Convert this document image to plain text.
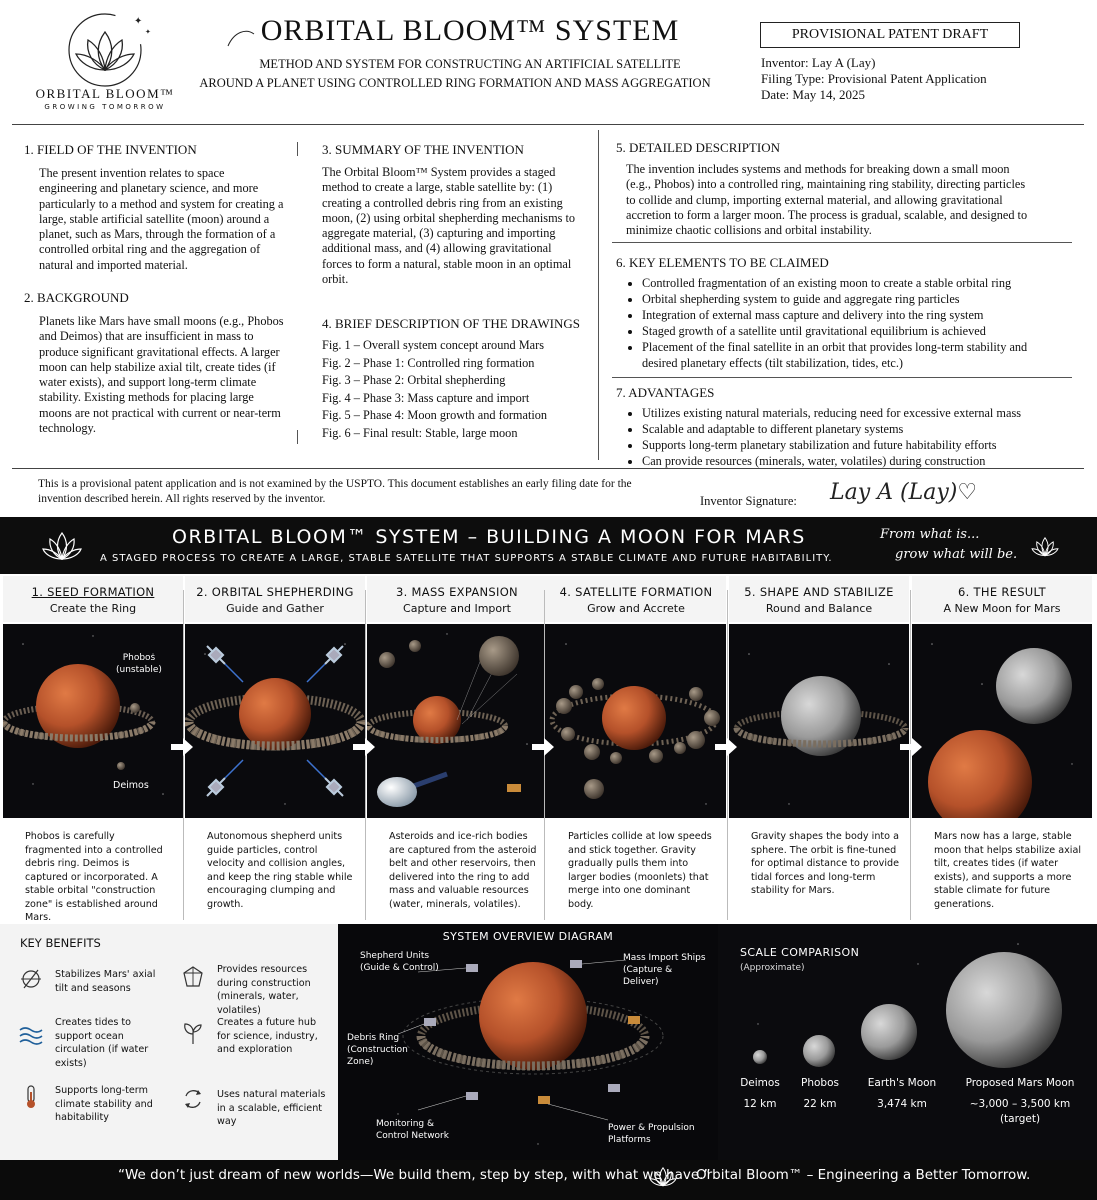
✦
✦
ORBITAL BLOOM™
GROWING TOMORROW
ORBITAL BLOOM™ SYSTEM
METHOD AND SYSTEM FOR CONSTRUCTING AN ARTIFICIAL SATELLITE
AROUND A PLANET USING CONTROLLED RING FORMATION AND MASS AGGREGATION
PROVISIONAL PATENT DRAFT
Inventor: Lay A (Lay)
Filing Type: Provisional Patent Application
Date: May 14, 2025
1. FIELD OF THE INVENTION
The present invention relates to space engineering and planetary science, and more particularly to a method and system for creating a large, stable artificial satellite (moon) around a planet, such as Mars, through the formation of a controlled orbital ring and the aggregation of natural and imported material.
2. BACKGROUND
Planets like Mars have small moons (e.g., Phobos and Deimos) that are insufficient in mass to produce significant gravitational effects. A larger moon can help stabilize axial tilt, create tides (if water exists), and support long-term climate stability. Existing methods for placing large moons are not practical with current or near-term technology.
3. SUMMARY OF THE INVENTION
The Orbital Bloom™ System provides a staged method to create a large, stable satellite by: (1) creating a controlled debris ring from an existing moon, (2) using orbital shepherding mechanisms to aggregate material, (3) capturing and importing additional mass, and (4) allowing gravitational forces to form a natural, stable moon in an optimal orbit.
4. BRIEF DESCRIPTION OF THE DRAWINGS
Fig. 1 – Overall system concept around Mars
Fig. 2 – Phase 1: Controlled ring formation
Fig. 3 – Phase 2: Orbital shepherding
Fig. 4 – Phase 3: Mass capture and import
Fig. 5 – Phase 4: Moon growth and formation
Fig. 6 – Final result: Stable, large moon
5. DETAILED DESCRIPTION
The invention includes systems and methods for breaking down a small moon (e.g., Phobos) into a controlled ring, maintaining ring stability, directing particles to collide and clump, importing external material, and allowing gravitational accretion to form a larger moon. The process is gradual, scalable, and designed to minimize chaotic collisions and orbital instability.
6. KEY ELEMENTS TO BE CLAIMED
• Controlled fragmentation of an existing moon to create a stable orbital ring
• Orbital shepherding system to guide and aggregate ring particles
• Integration of external mass capture and delivery into the ring system
• Staged growth of a satellite until gravitational equilibrium is achieved
• Placement of the final satellite in an orbit that provides long-term stability and desired planetary effects (tilt stabilization, tides, etc.)
7. ADVANTAGES
• Utilizes existing natural materials, reducing need for excessive external mass
• Scalable and adaptable to different planetary systems
• Supports long-term planetary stabilization and future habitability efforts
• Can provide resources (minerals, water, volatiles) during construction
This is a provisional patent application and is not examined by the USPTO. This document establishes an early filing date for the invention described herein. All rights reserved by the inventor.	Inventor Signature: Lay A (Lay)♡
ORBITAL BLOOM™ SYSTEM – BUILDING A MOON FOR MARS
A STAGED PROCESS TO CREATE A LARGE, STABLE SATELLITE THAT SUPPORTS A STABLE CLIMATE AND FUTURE HABITABILITY.
From what is...
grow what will be.
1. SEED FORMATION
Create the Ring
Phobos
(unstable)
Deimos
Phobos is carefully fragmented into a controlled debris ring. Deimos is captured or incorporated. A stable orbital "construction zone" is established around Mars.
2. ORBITAL SHEPHERDING
Guide and Gather
Autonomous shepherd units guide particles, control velocity and collision angles, and keep the ring stable while encouraging clumping and growth.
3. MASS EXPANSION
Capture and Import
Asteroids and ice-rich bodies are captured from the asteroid belt and other reservoirs, then delivered into the ring to add mass and valuable resources (water, minerals, volatiles).
4. SATELLITE FORMATION
Grow and Accrete
Particles collide at low speeds and stick together. Gravity gradually pulls them into larger bodies (moonlets) that merge into one dominant body.
5. SHAPE AND STABILIZE
Round and Balance
Gravity shapes the body into a sphere. The orbit is fine-tuned for optimal distance to provide tidal forces and long-term stability for Mars.
6. THE RESULT
A New Moon for Mars
Mars now has a large, stable moon that helps stabilize axial tilt, creates tides (if water exists), and supports a more stable climate for future generations.
KEY BENEFITS
Stabilizes Mars' axial tilt and seasons
Provides resources during construction (minerals, water, volatiles)
Creates tides to support ocean circulation (if water exists)
Creates a future hub for science, industry, and exploration
Supports long-term climate stability and habitability
Uses natural materials in a scalable, efficient way
SYSTEM OVERVIEW DIAGRAM
Shepherd Units (Guide & Control)
Mass Import Ships (Capture & Deliver)
Debris Ring (Construction Zone)
Monitoring & Control Network
Power & Propulsion Platforms
SCALE COMPARISON
(Approximate)
Deimos
12 km
Phobos
22 km
Earth's Moon
3,474 km
Proposed Mars Moon
~3,000 – 3,500 km
(target)
“We don’t just dream of new worlds—We build them, step by step, with what we have.”
Orbital Bloom™ – Engineering a Better Tomorrow.
